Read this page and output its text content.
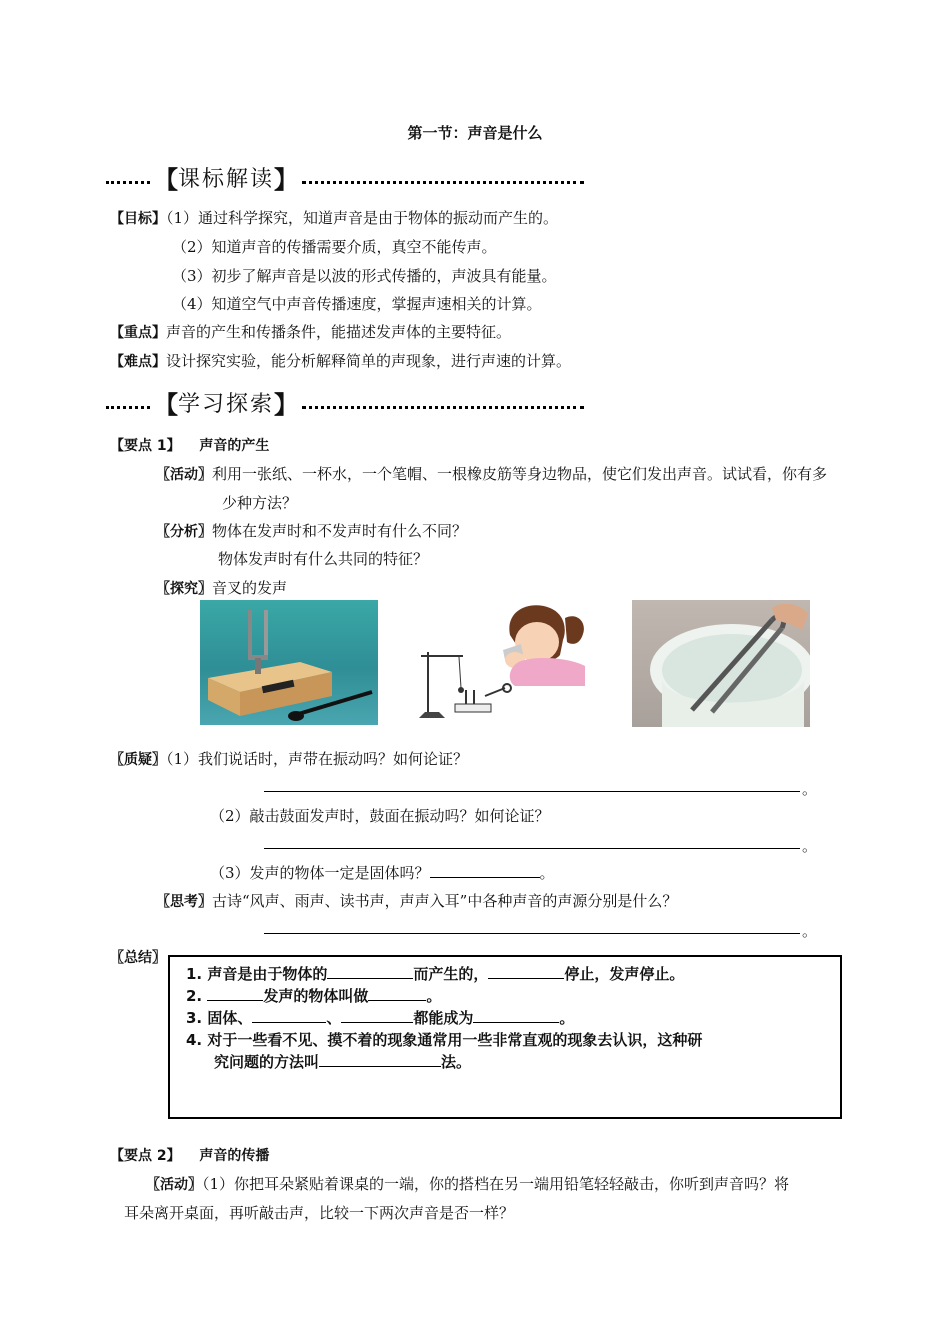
第一节：声音是什么
【 课标解读 】
【目标】（1）通过科学探究，知道声音是由于物体的振动而产生的。
（2）知道声音的传播需要介质，真空不能传声。
（3）初步了解声音是以波的形式传播的，声波具有能量。
（4）知道空气中声音传播速度，掌握声速相关的计算。
【重点】声音的产生和传播条件，能描述发声体的主要特征。
【难点】设计探究实验，能分析解释简单的声现象，进行声速的计算。
【 学习探索 】
【要点 1】 声音的产生
〖活动〗利用一张纸、一杯水，一个笔帽、一根橡皮筋等身边物品，使它们发出声音。试试看，你有多
少种方法？
〖分析〗物体在发声时和不发声时有什么不同？
物体发声时有什么共同的特征？
〖探究〗音叉的发声
〖质疑〗（1）我们说话时，声带在振动吗？如何论证？
。
（2）敲击鼓面发声时，鼓面在振动吗？如何论证？
。
（3）发声的物体一定是固体吗？	。
〖思考〗古诗“风声、雨声、读书声，声声入耳”中各种声音的声源分别是什么？
。
〖总结〗
1. 声音是由于物体的	而产生的，	停止，发声停止。
2.	发声的物体叫做	。
3. 固体、	、	都能成为	。
4. 对于一些看不见、摸不着的现象通常用一些非常直观的现象去认识，这种研
究问题的方法叫	法。
【要点 2】 声音的传播
〖活动〗（1）你把耳朵紧贴着课桌的一端，你的搭档在另一端用铅笔轻轻敲击，你听到声音吗？将
耳朵离开桌面，再听敲击声，比较一下两次声音是否一样？
